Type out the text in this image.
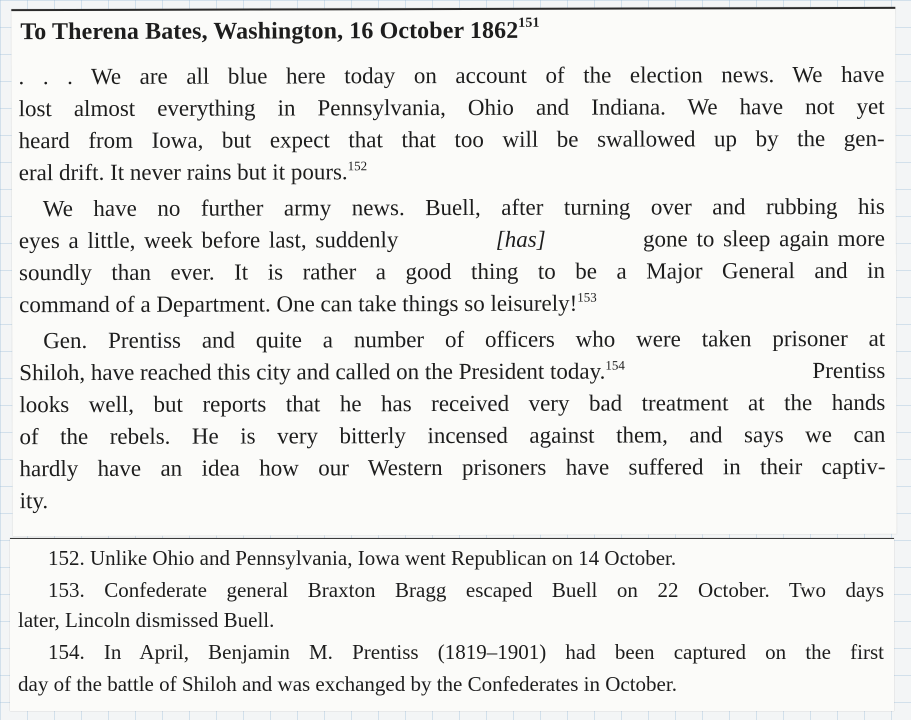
To Therena Bates, Washington, 16 October 1862$^{151}$
. . . We are all blue here today on account of the election news. We have
lost almost everything in Pennsylvania, Ohio and Indiana. We have not yet
heard from Iowa, but expect that that too will be swallowed up by the gen-
eral drift. It never rains but it pours.$^{152}$
We have no further army news. Buell, after turning over and rubbing his
eyes a little, week before last, suddenly	[has]	gone to sleep again more
soundly than ever. It is rather a good thing to be a Major General and in
command of a Department. One can take things so leisurely!$^{153}$
Gen. Prentiss and quite a number of officers who were taken prisoner at
Shiloh, have reached this city and called on the President today.$^{154}$	Prentiss
looks well, but reports that he has received very bad treatment at the hands
of the rebels. He is very bitterly incensed against them, and says we can
hardly have an idea how our Western prisoners have suffered in their captiv-
ity.
152. Unlike Ohio and Pennsylvania, Iowa went Republican on 14 October.
153. Confederate general Braxton Bragg escaped Buell on 22 October. Two days
later, Lincoln dismissed Buell.
154. In April, Benjamin M. Prentiss (1819–1901) had been captured on the first
day of the battle of Shiloh and was exchanged by the Confederates in October.
